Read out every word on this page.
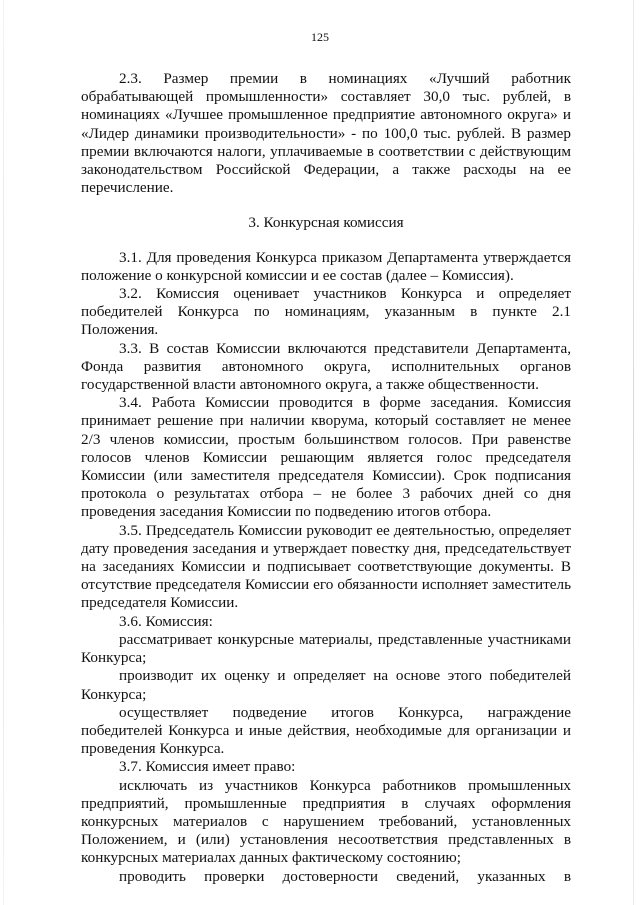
125

2.3. Размер премии в номинациях «Лучший работник обрабатывающей промышленности» составляет 30,0 тыс. рублей, в номинациях «Лучшее промышленное предприятие автономного округа» и «Лидер динамики производительности» - по 100,0 тыс. рублей. В размер премии включаются налоги, уплачиваемые в соответствии с действующим законодательством Российской Федерации, а также расходы на ее перечисление.

3. Конкурсная комиссия

3.1. Для проведения Конкурса приказом Департамента утверждается положение о конкурсной комиссии и ее состав (далее – Комиссия).

3.2. Комиссия оценивает участников Конкурса и определяет победителей Конкурса по номинациям, указанным в пункте 2.1 Положения.

3.3. В состав Комиссии включаются представители Департамента, Фонда развития автономного округа, исполнительных органов государственной власти автономного округа, а также общественности.

3.4. Работа Комиссии проводится в форме заседания. Комиссия принимает решение при наличии кворума, который составляет не менее 2/3 членов комиссии, простым большинством голосов. При равенстве голосов членов Комиссии решающим является голос председателя Комиссии (или заместителя председателя Комиссии). Срок подписания протокола о результатах отбора – не более 3 рабочих дней со дня проведения заседания Комиссии по подведению итогов отбора.

3.5. Председатель Комиссии руководит ее деятельностью, определяет дату проведения заседания и утверждает повестку дня, председательствует на заседаниях Комиссии и подписывает соответствующие документы. В отсутствие председателя Комиссии его обязанности исполняет заместитель председателя Комиссии.

3.6. Комиссия:

рассматривает конкурсные материалы, представленные участниками Конкурса;

производит их оценку и определяет на основе этого победителей Конкурса;

осуществляет подведение итогов Конкурса, награждение победителей Конкурса и иные действия, необходимые для организации и проведения Конкурса.

3.7. Комиссия имеет право:

исключать из участников Конкурса работников промышленных предприятий, промышленные предприятия в случаях оформления конкурсных материалов с нарушением требований, установленных Положением, и (или) установления несоответствия представленных в конкурсных материалах данных фактическому состоянию;

проводить проверки достоверности сведений, указанных в
